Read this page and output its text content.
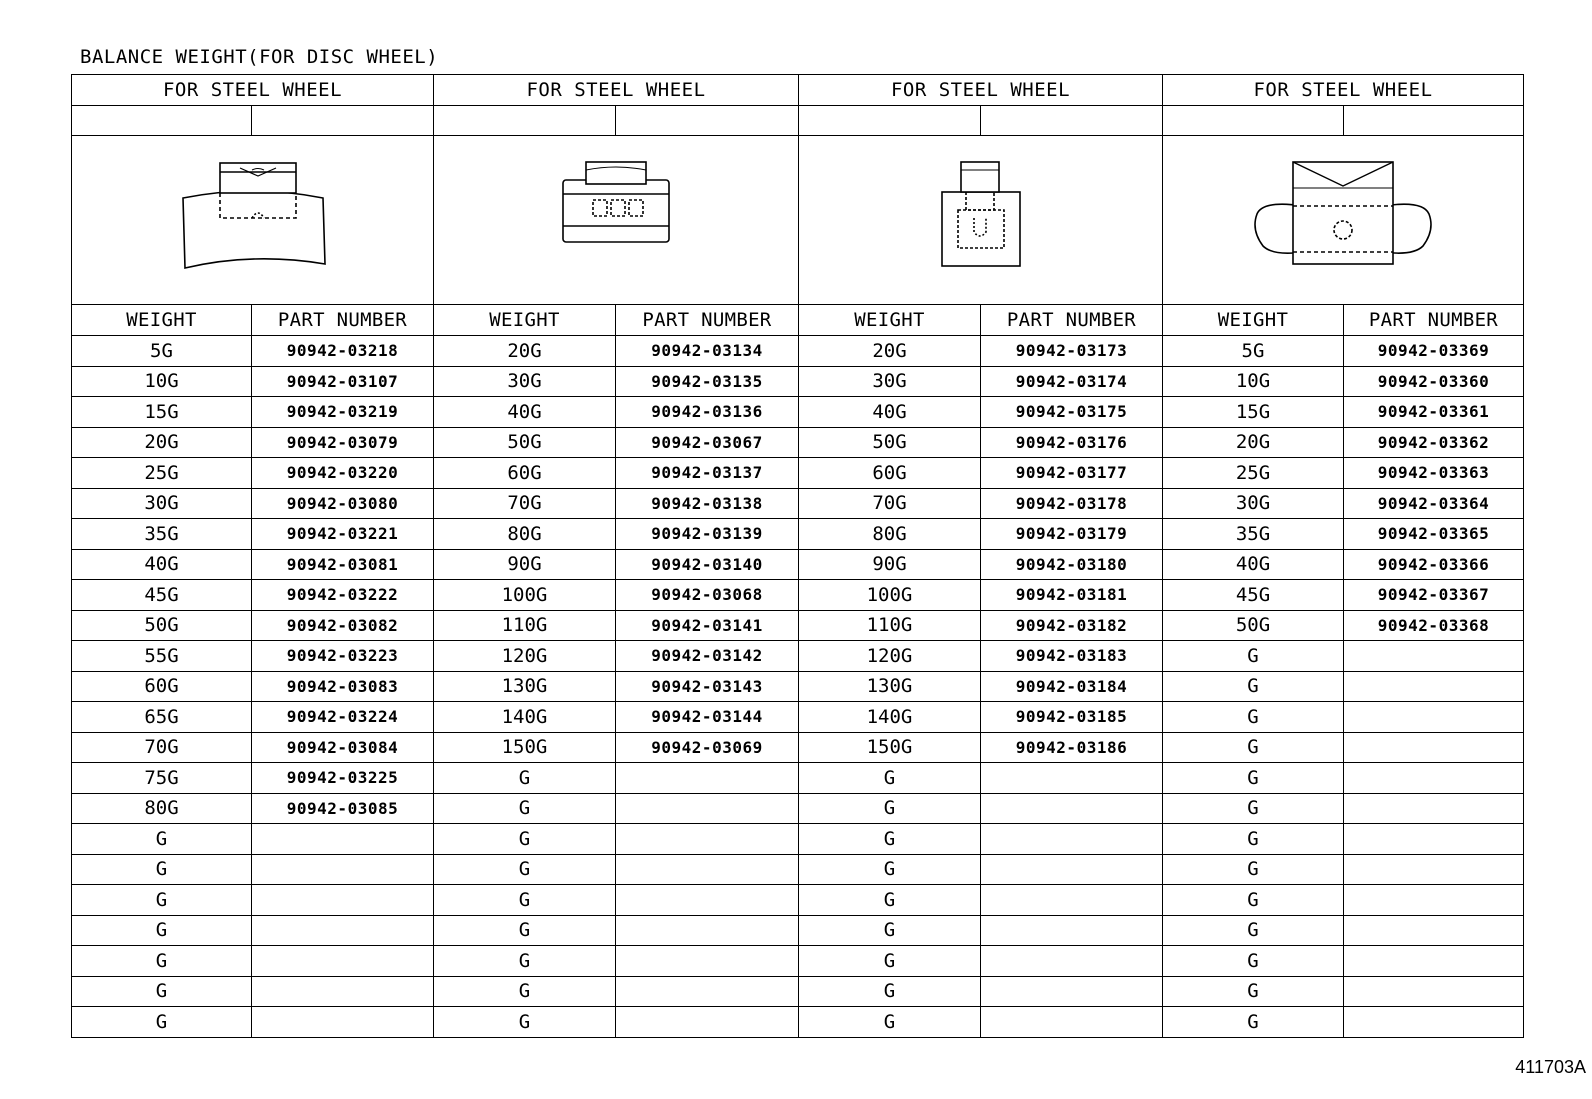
BALANCE WEIGHT(FOR DISC WHEEL)
FOR STEEL WHEEL		FOR STEEL WHEEL		FOR STEEL WHEEL		FOR STEEL WHEEL	

WEIGHT	PART NUMBER	WEIGHT	PART NUMBER	WEIGHT	PART NUMBER	WEIGHT	PART NUMBER
5G	90942-03218	20G	90942-03134	20G	90942-03173	5G	90942-03369
10G	90942-03107	30G	90942-03135	30G	90942-03174	10G	90942-03360
15G	90942-03219	40G	90942-03136	40G	90942-03175	15G	90942-03361
20G	90942-03079	50G	90942-03067	50G	90942-03176	20G	90942-03362
25G	90942-03220	60G	90942-03137	60G	90942-03177	25G	90942-03363
30G	90942-03080	70G	90942-03138	70G	90942-03178	30G	90942-03364
35G	90942-03221	80G	90942-03139	80G	90942-03179	35G	90942-03365
40G	90942-03081	90G	90942-03140	90G	90942-03180	40G	90942-03366
45G	90942-03222	100G	90942-03068	100G	90942-03181	45G	90942-03367
50G	90942-03082	110G	90942-03141	110G	90942-03182	50G	90942-03368
55G	90942-03223	120G	90942-03142	120G	90942-03183	G	
60G	90942-03083	130G	90942-03143	130G	90942-03184	G	
65G	90942-03224	140G	90942-03144	140G	90942-03185	G	
70G	90942-03084	150G	90942-03069	150G	90942-03186	G	
75G	90942-03225	G		G		G	
80G	90942-03085	G		G		G	
G		G		G		G	
G		G		G		G	
G		G		G		G	
G		G		G		G	
G		G		G		G	
G		G		G		G	
G		G		G		G	
411703A
